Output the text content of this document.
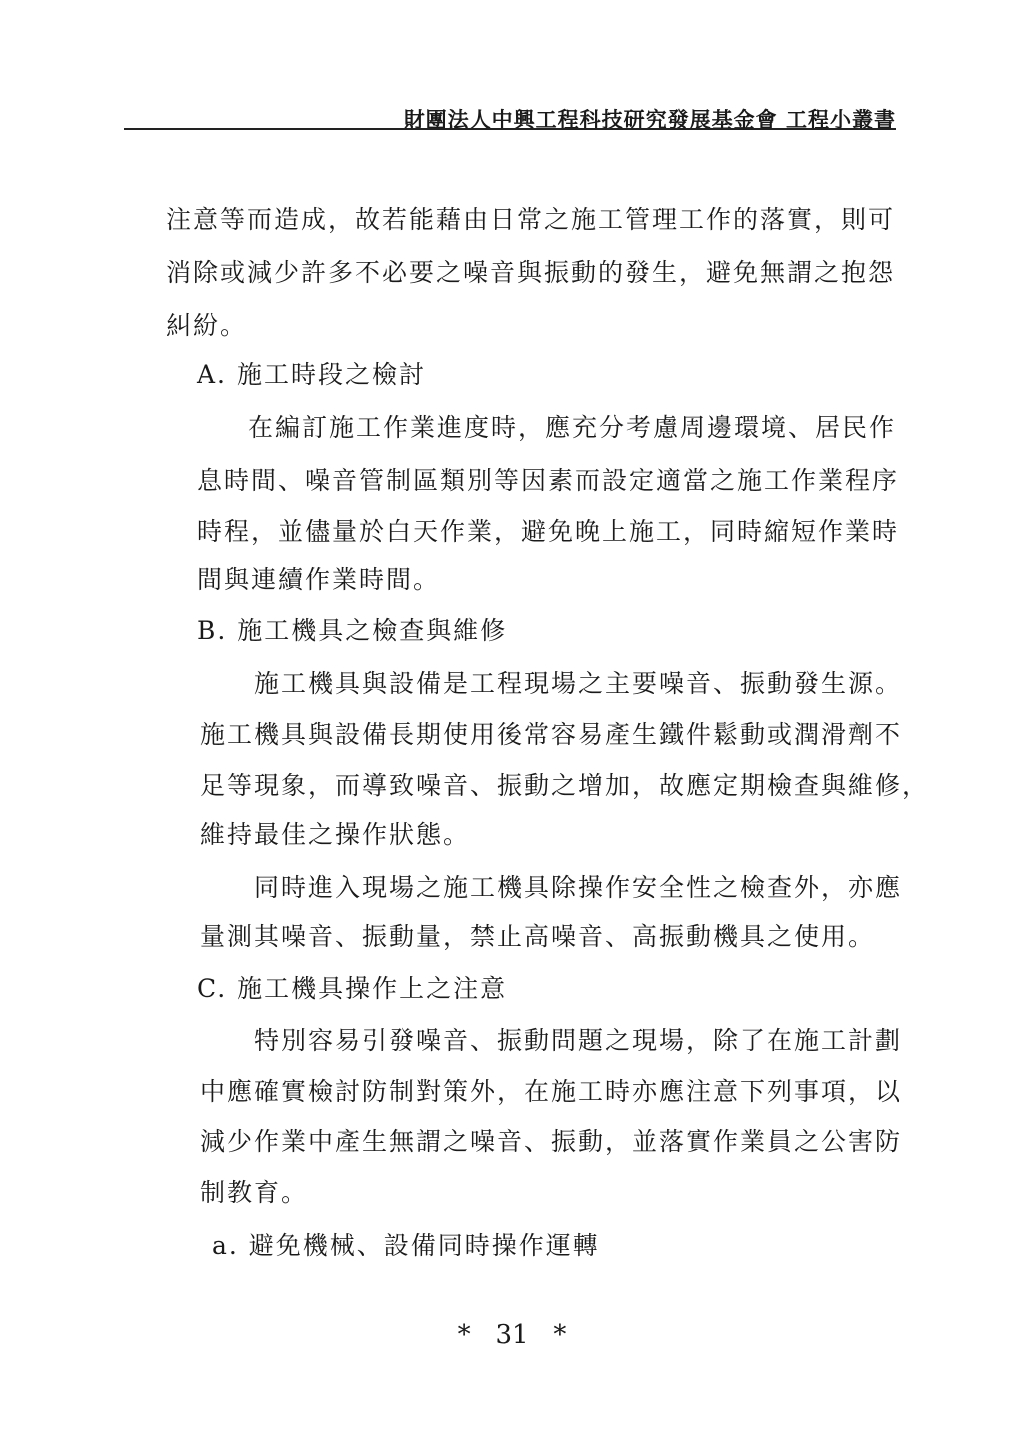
財團法人中興工程科技研究發展基金會 工程小叢書
注意等而造成，故若能藉由日常之施工管理工作的落實，則可
消除或減少許多不必要之噪音與振動的發生，避免無謂之抱怨
糾紛。
A. 施工時段之檢討
在編訂施工作業進度時，應充分考慮周邊環境、居民作
息時間、噪音管制區類別等因素而設定適當之施工作業程序
時程，並儘量於白天作業，避免晚上施工，同時縮短作業時
間與連續作業時間。
B. 施工機具之檢查與維修
施工機具與設備是工程現場之主要噪音、振動發生源。
施工機具與設備長期使用後常容易產生鐵件鬆動或潤滑劑不
足等現象，而導致噪音、振動之增加，故應定期檢查與維修，
維持最佳之操作狀態。
同時進入現場之施工機具除操作安全性之檢查外，亦應
量測其噪音、振動量，禁止高噪音、高振動機具之使用。
C. 施工機具操作上之注意
特別容易引發噪音、振動問題之現場，除了在施工計劃
中應確實檢討防制對策外，在施工時亦應注意下列事項，以
減少作業中產生無謂之噪音、振動，並落實作業員之公害防
制教育。
a. 避免機械、設備同時操作運轉
*   31   *
